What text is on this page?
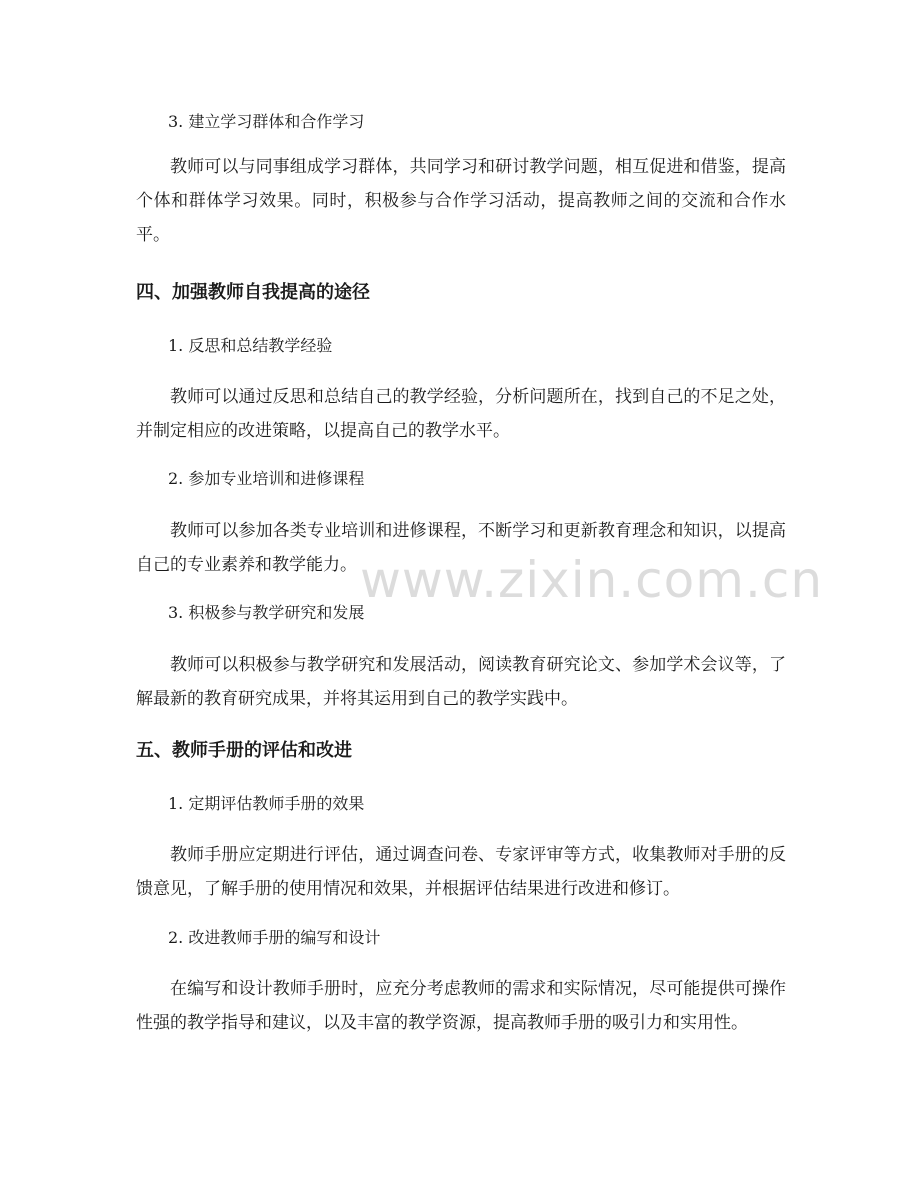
3. 建立学习群体和合作学习
教师可以与同事组成学习群体，共同学习和研讨教学问题，相互促进和借鉴，提高个体和群体学习效果。同时，积极参与合作学习活动，提高教师之间的交流和合作水平。
四、加强教师自我提高的途径
1. 反思和总结教学经验
教师可以通过反思和总结自己的教学经验，分析问题所在，找到自己的不足之处，并制定相应的改进策略，以提高自己的教学水平。
2. 参加专业培训和进修课程
教师可以参加各类专业培训和进修课程，不断学习和更新教育理念和知识，以提高自己的专业素养和教学能力。
3. 积极参与教学研究和发展
教师可以积极参与教学研究和发展活动，阅读教育研究论文、参加学术会议等，了解最新的教育研究成果，并将其运用到自己的教学实践中。
五、教师手册的评估和改进
1. 定期评估教师手册的效果
教师手册应定期进行评估，通过调查问卷、专家评审等方式，收集教师对手册的反馈意见，了解手册的使用情况和效果，并根据评估结果进行改进和修订。
2. 改进教师手册的编写和设计
在编写和设计教师手册时，应充分考虑教师的需求和实际情况，尽可能提供可操作性强的教学指导和建议，以及丰富的教学资源，提高教师手册的吸引力和实用性。
www.zixin.com.cn
